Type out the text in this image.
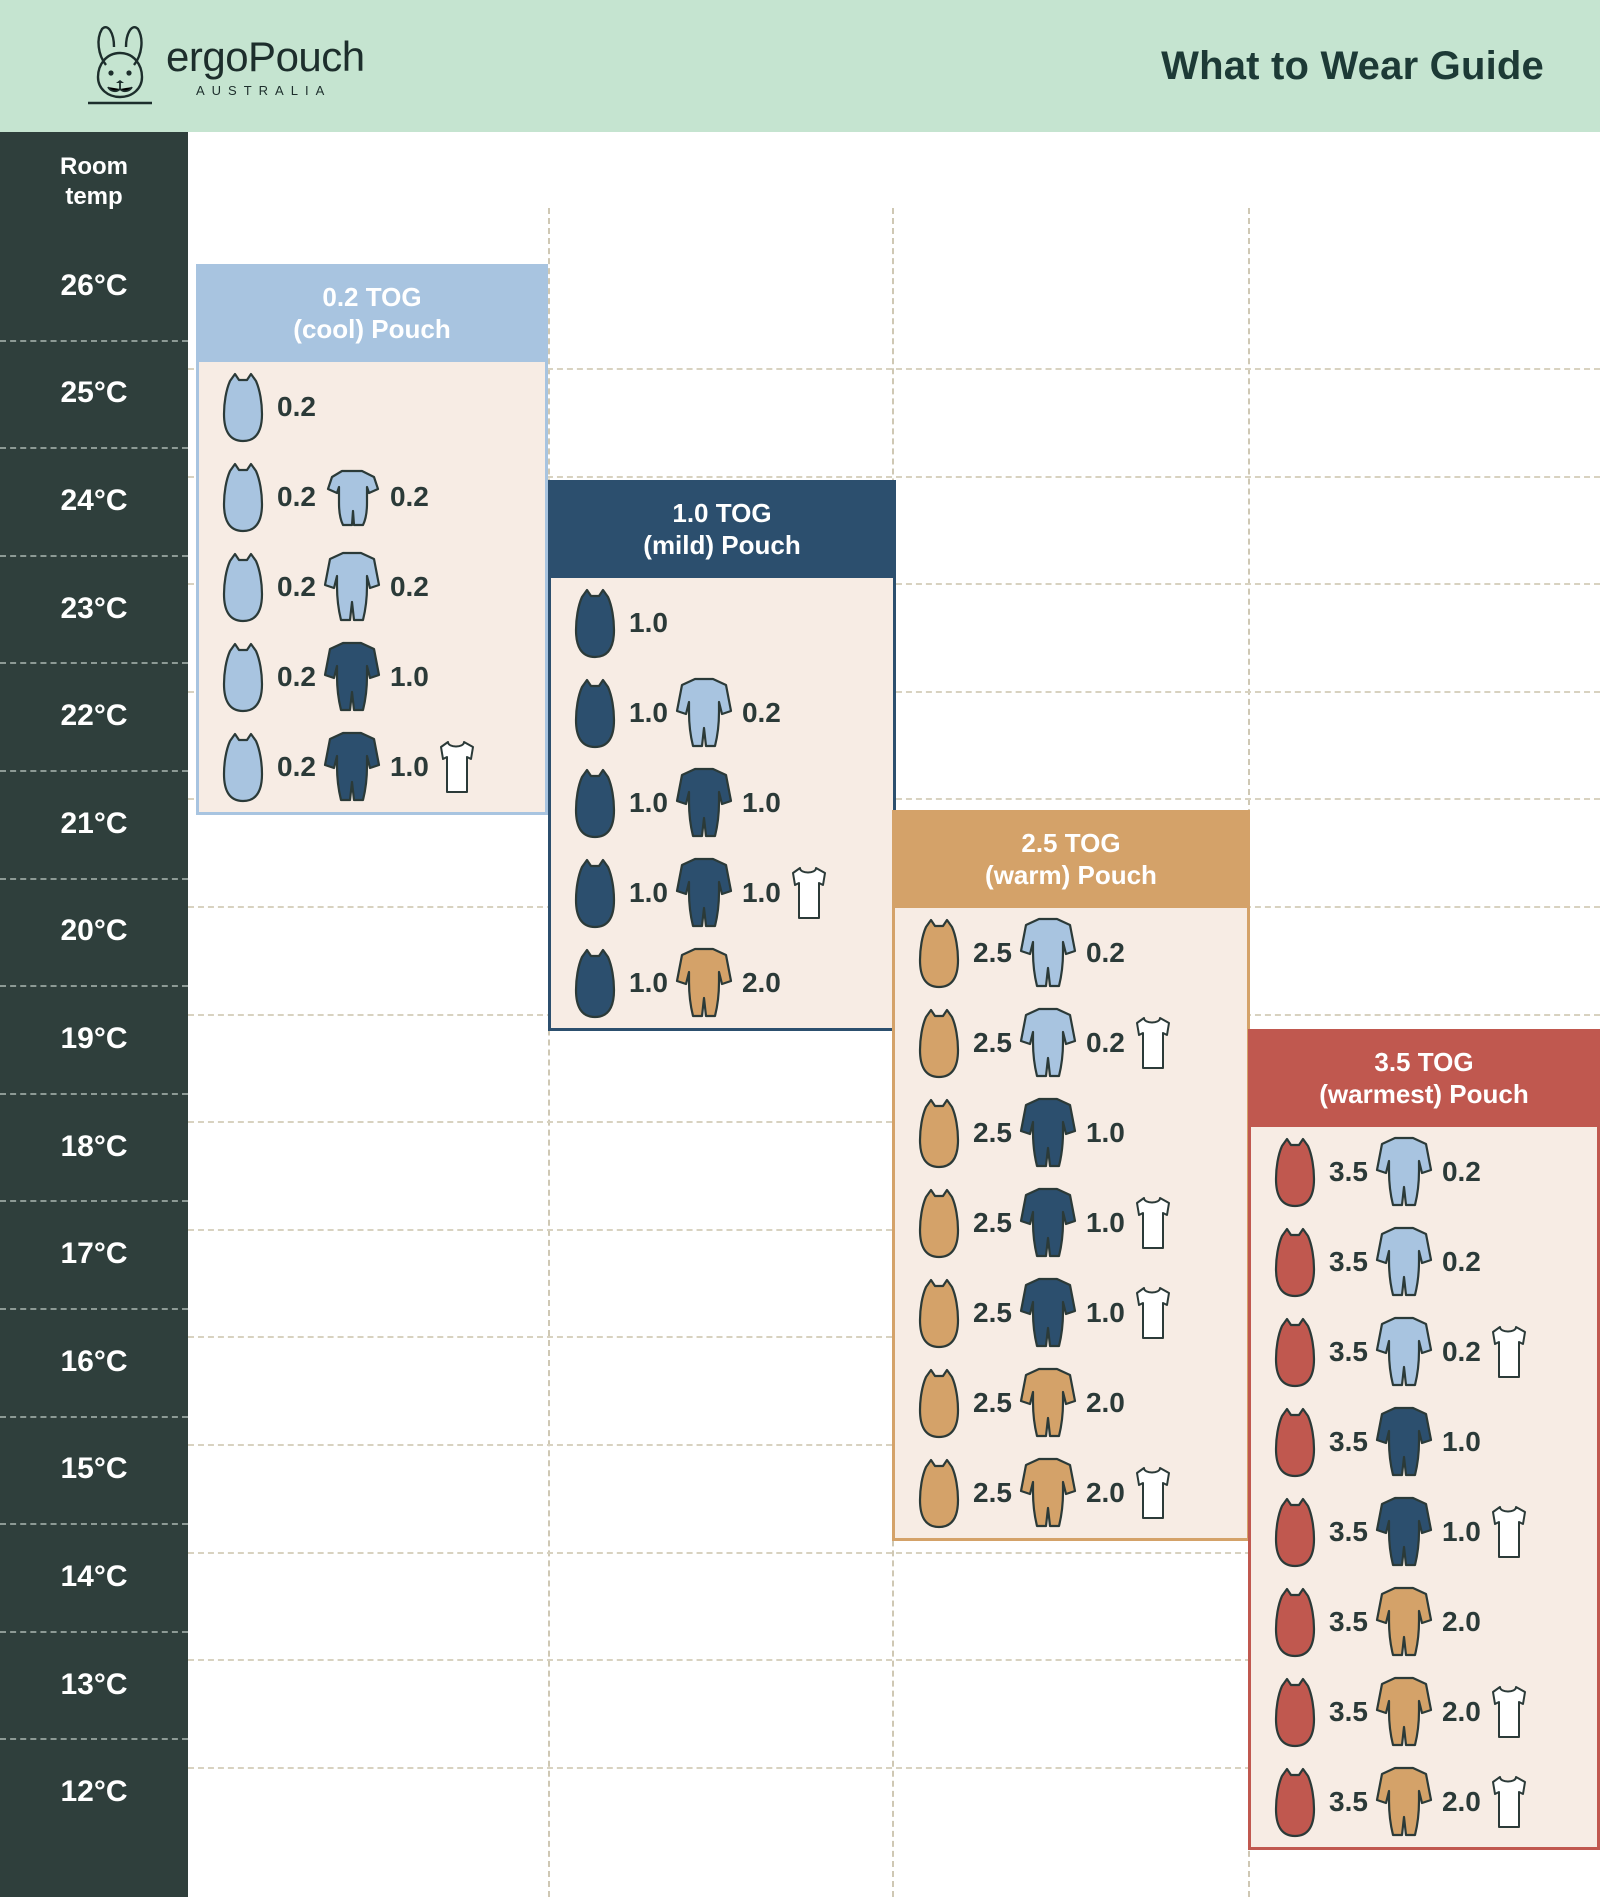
ergoPouch
AUSTRALIA
What to Wear Guide
Room
temp
26°C
25°C
24°C
23°C
22°C
21°C
20°C
19°C
18°C
17°C
16°C
15°C
14°C
13°C
12°C
0.2 TOG
(cool) Pouch
0.2
0.2	0.2
0.2	0.2
0.2	1.0
0.2	1.0
1.0 TOG
(mild) Pouch
1.0
1.0	0.2
1.0	1.0
1.0	1.0
1.0	2.0
2.5 TOG
(warm) Pouch
2.5	0.2
2.5	0.2
2.5	1.0
2.5	1.0
2.5	1.0
2.5	2.0
2.5	2.0
3.5 TOG
(warmest) Pouch
3.5	0.2
3.5	0.2
3.5	0.2
3.5	1.0
3.5	1.0
3.5	2.0
3.5	2.0
3.5	2.0
